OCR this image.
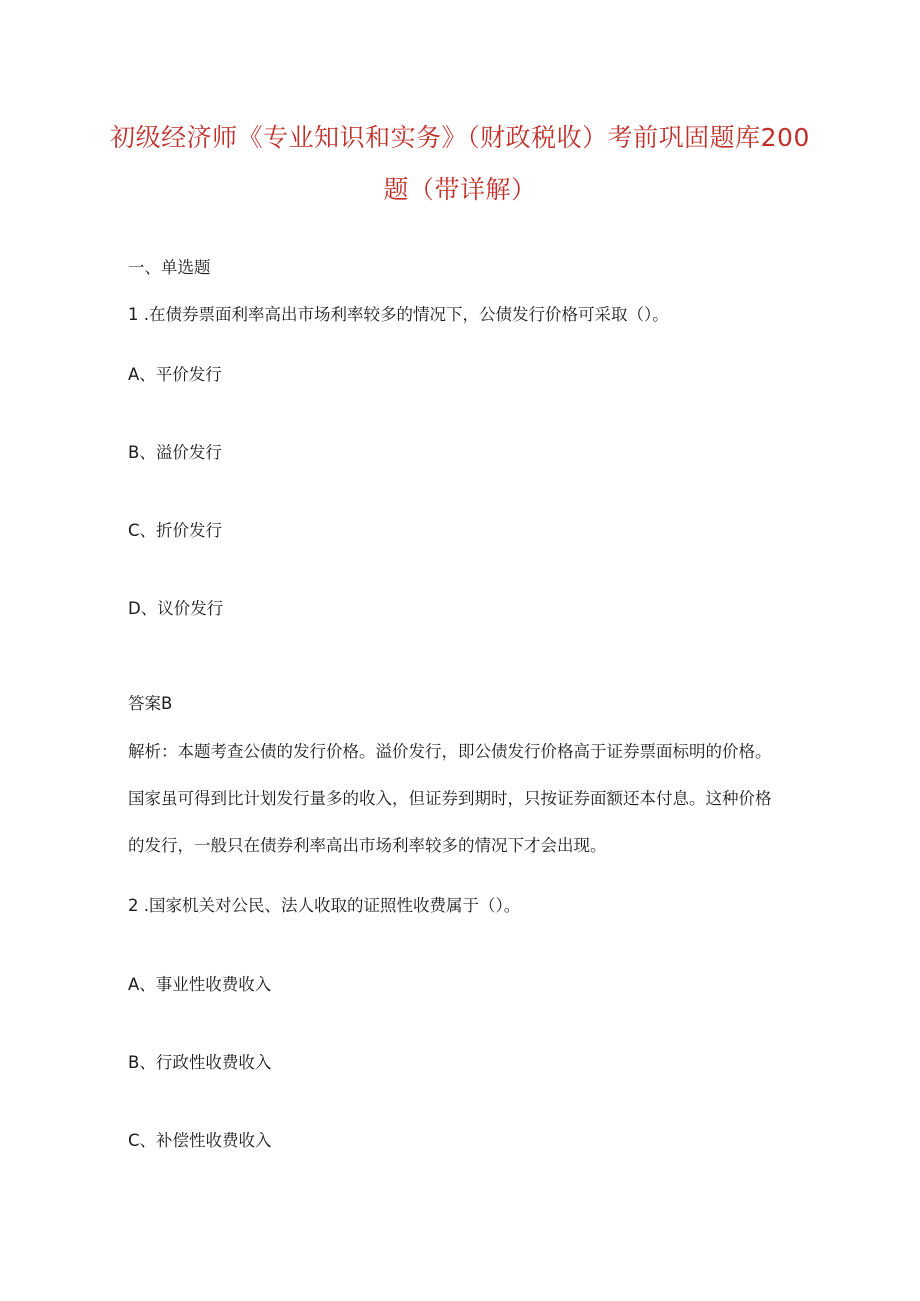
初级经济师《专业知识和实务》（财政税收）考前巩固题库200
题（带详解）
一、单选题
1 .在债券票面利率高出市场利率较多的情况下，公债发行价格可采取（）。
A、平价发行
B、溢价发行
C、折价发行
D、议价发行
答案B
解析：本题考查公债的发行价格。溢价发行，即公债发行价格高于证券票面标明的价格。
国家虽可得到比计划发行量多的收入，但证券到期时，只按证券面额还本付息。这种价格
的发行，一般只在债券利率高出市场利率较多的情况下才会出现。
2 .国家机关对公民、法人收取的证照性收费属于（）。
A、事业性收费收入
B、行政性收费收入
C、补偿性收费收入
